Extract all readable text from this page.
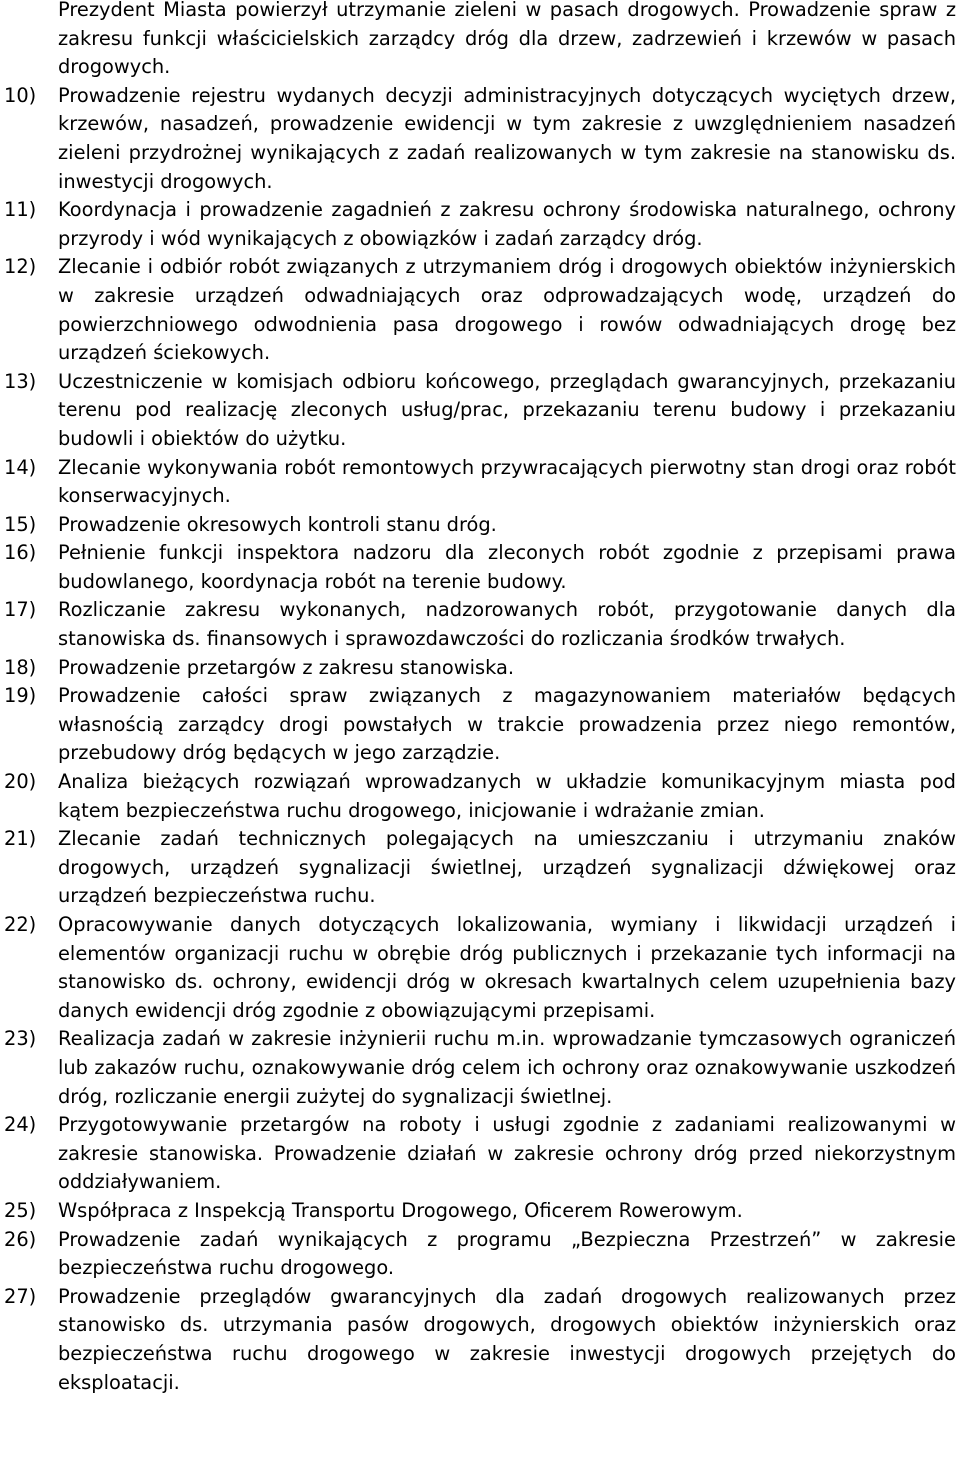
Prezydent Miasta powierzył utrzymanie zieleni w pasach drogowych. Prowadzenie spraw z zakresu funkcji właścicielskich zarządcy dróg dla drzew, zadrzewień i krzewów w pasach drogowych.
10)	Prowadzenie rejestru wydanych decyzji administracyjnych dotyczących wyciętych drzew, krzewów, nasadzeń, prowadzenie ewidencji w tym zakresie z uwzględnieniem nasadzeń zieleni przydrożnej wynikających z zadań realizowanych w tym zakresie na stanowisku ds. inwestycji drogowych.
11)	Koordynacja i prowadzenie zagadnień z zakresu ochrony środowiska naturalnego, ochrony przyrody i wód wynikających z obowiązków i zadań zarządcy dróg.
12)	Zlecanie i odbiór robót związanych z utrzymaniem dróg i drogowych obiektów inżynierskich w zakresie urządzeń odwadniających oraz odprowadzających wodę, urządzeń do powierzchniowego odwodnienia pasa drogowego i rowów odwadniających drogę bez urządzeń ściekowych.
13)	Uczestniczenie w komisjach odbioru końcowego, przeglądach gwarancyjnych, przekazaniu terenu pod realizację zleconych usług/prac, przekazaniu terenu budowy i przekazaniu budowli i obiektów do użytku.
14)	Zlecanie wykonywania robót remontowych przywracających pierwotny stan drogi oraz robót konserwacyjnych.
15)	Prowadzenie okresowych kontroli stanu dróg.
16)	Pełnienie funkcji inspektora nadzoru dla zleconych robót zgodnie z przepisami prawa budowlanego, koordynacja robót na terenie budowy.
17)	Rozliczanie zakresu wykonanych, nadzorowanych robót, przygotowanie danych dla stanowiska ds. finansowych i sprawozdawczości do rozliczania środków trwałych.
18)	Prowadzenie przetargów z zakresu stanowiska.
19)	Prowadzenie całości spraw związanych z magazynowaniem materiałów będących własnością zarządcy drogi powstałych w trakcie prowadzenia przez niego remontów, przebudowy dróg będących w jego zarządzie.
20)	Analiza bieżących rozwiązań wprowadzanych w układzie komunikacyjnym miasta pod kątem bezpieczeństwa ruchu drogowego, inicjowanie i wdrażanie zmian.
21)	Zlecanie zadań technicznych polegających na umieszczaniu i utrzymaniu znaków drogowych, urządzeń sygnalizacji świetlnej, urządzeń sygnalizacji dźwiękowej oraz urządzeń bezpieczeństwa ruchu.
22)	Opracowywanie danych dotyczących lokalizowania, wymiany i likwidacji urządzeń i elementów organizacji ruchu w obrębie dróg publicznych i przekazanie tych informacji na stanowisko ds. ochrony, ewidencji dróg w okresach kwartalnych celem uzupełnienia bazy danych ewidencji dróg zgodnie z obowiązującymi przepisami.
23)	Realizacja zadań w zakresie inżynierii ruchu m.in. wprowadzanie tymczasowych ograniczeń lub zakazów ruchu, oznakowywanie dróg celem ich ochrony oraz oznakowywanie uszkodzeń dróg, rozliczanie energii zużytej do sygnalizacji świetlnej.
24)	Przygotowywanie przetargów na roboty i usługi zgodnie z zadaniami realizowanymi w zakresie stanowiska. Prowadzenie działań w zakresie ochrony dróg przed niekorzystnym oddziaływaniem.
25)	Współpraca z Inspekcją Transportu Drogowego, Oficerem Rowerowym.
26)	Prowadzenie zadań wynikających z programu „Bezpieczna Przestrzeń” w zakresie bezpieczeństwa ruchu drogowego.
27)	Prowadzenie przeglądów gwarancyjnych dla zadań drogowych realizowanych przez stanowisko ds. utrzymania pasów drogowych, drogowych obiektów inżynierskich oraz bezpieczeństwa ruchu drogowego w zakresie inwestycji drogowych przejętych do eksploatacji.
